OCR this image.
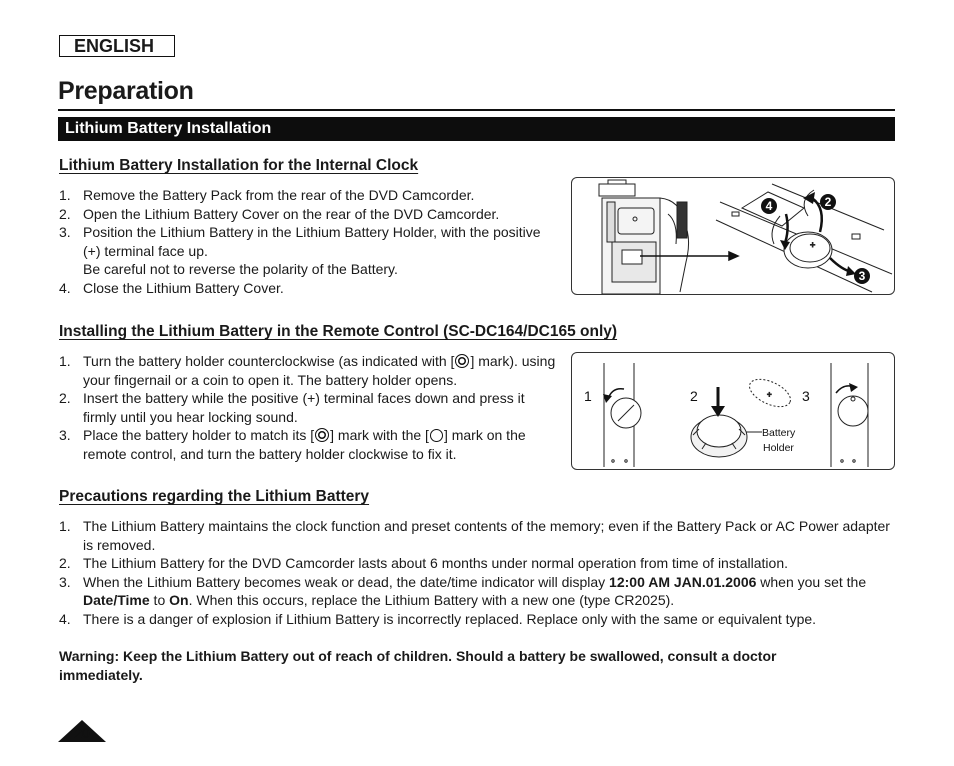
ENGLISH
Preparation
Lithium Battery Installation
Lithium Battery Installation for the Internal Clock
1. Remove the Battery Pack from the rear of the DVD Camcorder.
2. Open the Lithium Battery Cover on the rear of the DVD Camcorder.
3. Position the Lithium Battery in the Lithium Battery Holder, with the positive (+) terminal face up.
Be careful not to reverse the polarity of the Battery.
4. Close the Lithium Battery Cover.
+
4	2
3
Installing the Lithium Battery in the Remote Control (SC-DC164/DC165 only)
1. Turn the battery holder counterclockwise (as indicated with [ ] mark). using your fingernail or a coin to open it. The battery holder opens.
2. Insert the battery while the positive (+) terminal faces down and press it firmly until you hear locking sound.
3. Place the battery holder to match its [ ] mark with the [ ] mark on the remote control, and turn the battery holder clockwise to fix it.
+
1	2	3
Battery
Holder
Precautions regarding the Lithium Battery
1. The Lithium Battery maintains the clock function and preset contents of the memory; even if the Battery Pack or AC Power adapter is removed.
2. The Lithium Battery for the DVD Camcorder lasts about 6 months under normal operation from time of installation.
3. When the Lithium Battery becomes weak or dead, the date/time indicator will display 12:00 AM JAN.01.2006 when you set the Date/Time to On. When this occurs, replace the Lithium Battery with a new one (type CR2025).
4. There is a danger of explosion if Lithium Battery is incorrectly replaced. Replace only with the same or equivalent type.
Warning: Keep the Lithium Battery out of reach of children. Should a battery be swallowed, consult a doctor immediately.
20
